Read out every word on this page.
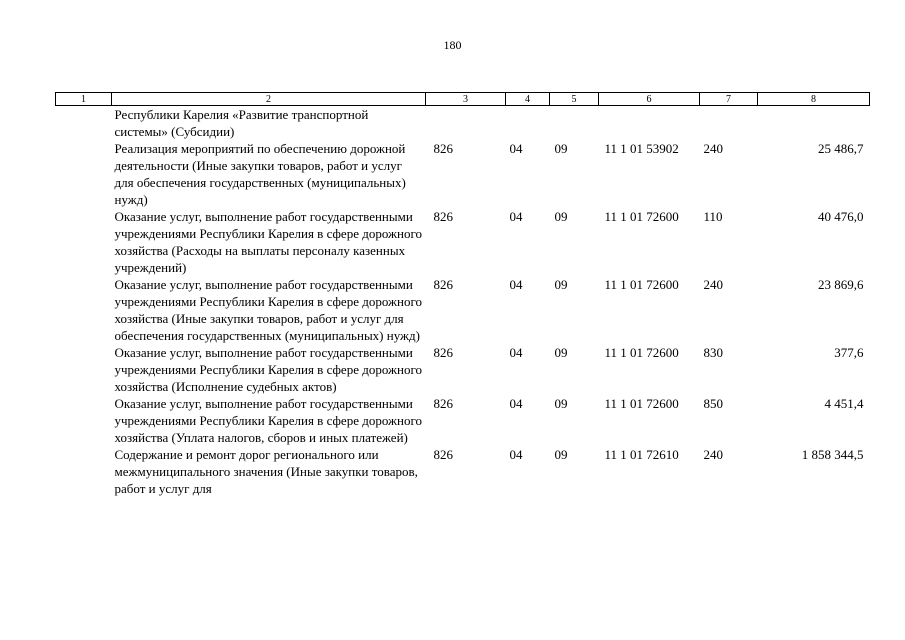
180
1	2	3	4	5	6	7	8
	Республики Карелия «Развитие транспортной системы» (Субсидии)						
	Реализация мероприятий по обеспечению дорожной деятельности (Иные закупки товаров, работ и услуг для обеспечения государственных (муниципальных) нужд)	826	04	09	11 1 01 53902	240	25 486,7
	Оказание услуг, выполнение работ государственными учреждениями Республики Карелия в сфере дорожного хозяйства (Расходы на выплаты персоналу казенных учреждений)	826	04	09	11 1 01 72600	110	40 476,0
	Оказание услуг, выполнение работ государственными учреждениями Республики Карелия в сфере дорожного хозяйства (Иные закупки товаров, работ и услуг для обеспечения государственных (муниципальных) нужд)	826	04	09	11 1 01 72600	240	23 869,6
	Оказание услуг, выполнение работ государственными учреждениями Республики Карелия в сфере дорожного хозяйства (Исполнение судебных актов)	826	04	09	11 1 01 72600	830	377,6
	Оказание услуг, выполнение работ государственными учреждениями Республики Карелия в сфере дорожного хозяйства (Уплата налогов, сборов и иных платежей)	826	04	09	11 1 01 72600	850	4 451,4
	Содержание и ремонт дорог регионального или межмуниципального значения (Иные закупки товаров, работ и услуг для	826	04	09	11 1 01 72610	240	1 858 344,5
